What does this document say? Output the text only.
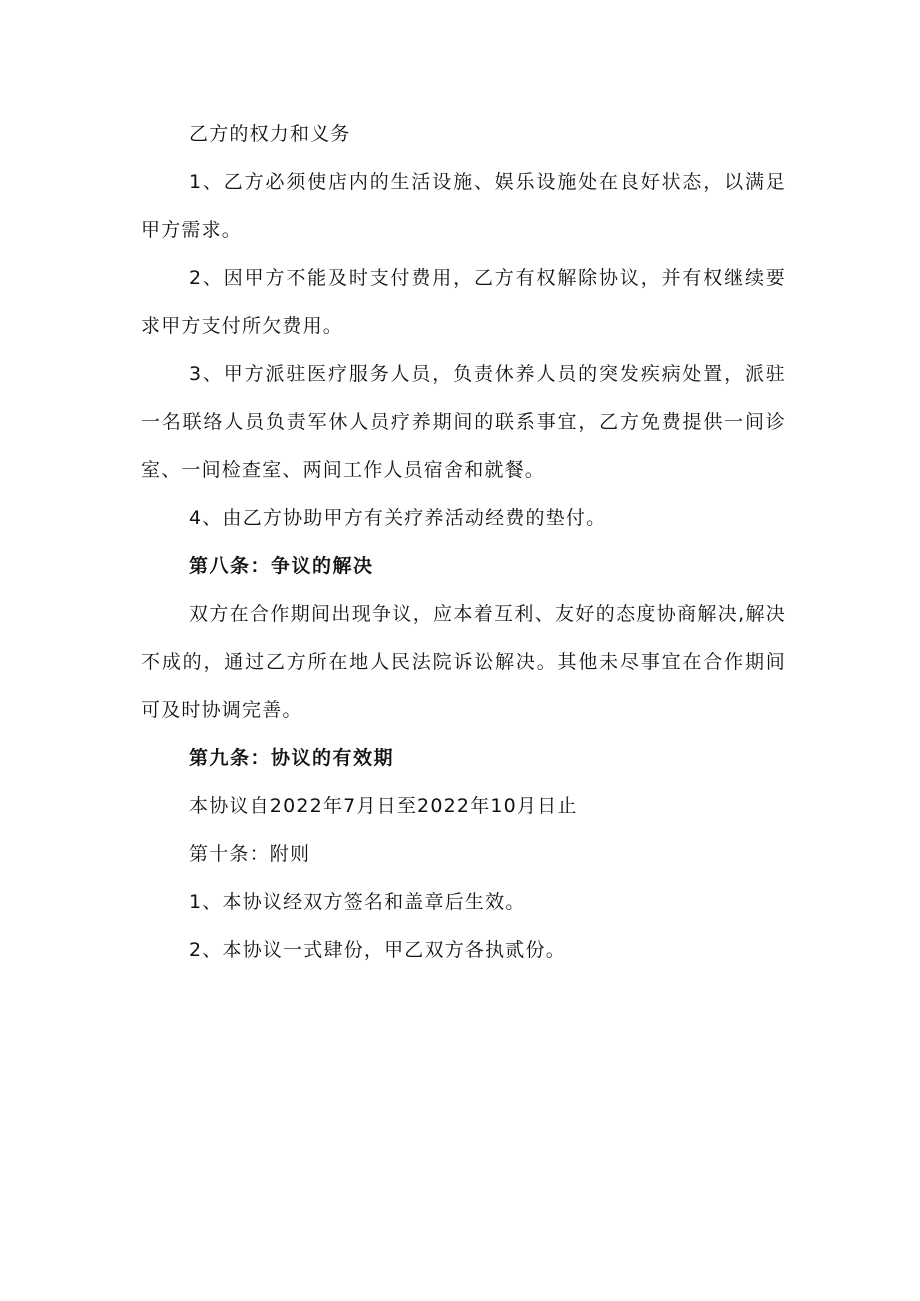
乙方的权力和义务

1、乙方必须使店内的生活设施、娱乐设施处在良好状态，以满足甲方需求。

2、因甲方不能及时支付费用，乙方有权解除协议，并有权继续要求甲方支付所欠费用。

3、甲方派驻医疗服务人员，负责休养人员的突发疾病处置，派驻一名联络人员负责军休人员疗养期间的联系事宜，乙方免费提供一间诊室、一间检查室、两间工作人员宿舍和就餐。

4、由乙方协助甲方有关疗养活动经费的垫付。

第八条：争议的解决

双方在合作期间出现争议，应本着互利、友好的态度协商解决,解决不成的，通过乙方所在地人民法院诉讼解决。其他未尽事宜在合作期间可及时协调完善。

第九条：协议的有效期

本协议自2022年7月日至2022年10月日止

第十条：附则

1、本协议经双方签名和盖章后生效。

2、本协议一式肆份，甲乙双方各执贰份。
